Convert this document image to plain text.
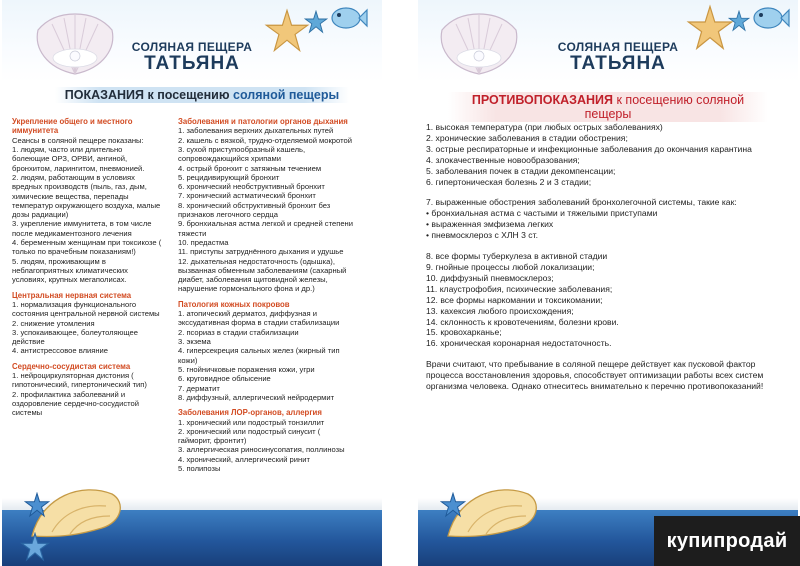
СОЛЯНАЯ ПЕЩЕРА
ТАТЬЯНА
ПОКАЗАНИЯ к посещению соляной пещеры
Укрепление общего и местного
иммунитета
Сеансы в соляной пещере показаны:
1. людям, часто или длительно
болеющие ОРЗ, ОРВИ, ангиной,
бронхитом, ларингитом, пневмонией.
2. людям, работающим в условиях
вредных производств (пыль, газ, дым,
химические вещества, перепады
температур окружающего воздуха, малые
дозы радиации)
3. укрепление иммунитета, в том числе
после медикаментозного лечения
4. беременным женщинам при токсикозе (
только по врачебным показаниям!)
5. людям, проживающим в
неблагоприятных климатических
условиях, крупных мегаполисах.
Центральная нервная система
1. нормализация функционального
состояния центральной нервной системы
2. снижение утомления
3. успокаивающее, болеутоляющее
действие
4. антистрессовое влияние
Сердечно-сосудистая система
1. нейроциркуляторная дистония (
гипотонический, гипертонический тип)
2. профилактика заболеваний и
оздоровление сердечно-сосудистой
системы
Заболевания и патологии органов дыхания
1. заболевания верхних дыхательных путей
2. кашель с вязкой, трудно-отделяемой мокротой
3. сухой приступообразный кашель,
сопровождающийся хрипами
4. острый бронхит с затяжным течением
5. рецидивирующий бронхит
6. хронический необструктивный бронхит
7. хронический астматический бронхит
8. хронический обструктивный бронхит без
признаков легочного сердца
9. бронхиальная астма легкой и средней степени
тяжести
10. предастма
11. приступы затруднённого дыхания и удушье
12. дыхательная недостаточность (одышка),
вызванная обменным заболеваниям (сахарный
диабет, заболевания щитовидной железы,
нарушение гормонального фона и др.)
Патология кожных покровов
1. атопический дерматоз, диффузная и
экссудативная форма в стадии стабилизации
2. псориаз в стадии стабилизации
3. экзема
4. гиперсекреция сальных желез (жирный тип
кожи)
5. гнойничковые поражения кожи, угри
6. круговидное облысение
7. дерматит
8. диффузный, аллергический нейродермит
Заболевания ЛОР-органов, аллергия
1. хронический или подострый тонзиллит
2. хронический или подострый синусит (
гайморит, фронтит)
3. аллергическая риносинусопатия, поллинозы
4. хронический, аллергический ринит
5. полипозы
СОЛЯНАЯ ПЕЩЕРА
ТАТЬЯНА
ПРОТИВОПОКАЗАНИЯ к посещению соляной пещеры
1. высокая температура (при любых острых заболеваниях)
2. хронические заболевания в стадии обострения;
3. острые респираторные и инфекционные заболевания до окончания карантина
4. злокачественные новообразования;
5. заболевания почек в стадии декомпенсации;
6. гипертоническая болезнь 2 и 3 стадии;
7. выраженные обострения заболеваний бронхолегочной системы, такие как:
• бронхиальная астма с частыми и тяжелыми приступами
• выраженная эмфизема легких
• пневмосклероз с ХЛН 3 ст.
8. все формы туберкулеза в активной стадии
9. гнойные процессы любой локализации;
10. диффузный пневмосклероз;
11. клаустрофобия, психические заболевания;
12. все формы наркомании и токсикомании;
13. кахексия любого происхождения;
14. склонность к кровотечениям, болезни крови.
15. кровохарканье;
16. хроническая коронарная недостаточность.
Врачи считают, что пребывание в соляной пещере действует как пусковой фактор
процесса восстановления здоровья, способствует оптимизации работы всех систем
организма человека. Однако отнеситесь внимательно к перечню противопоказаний!
купипродай
